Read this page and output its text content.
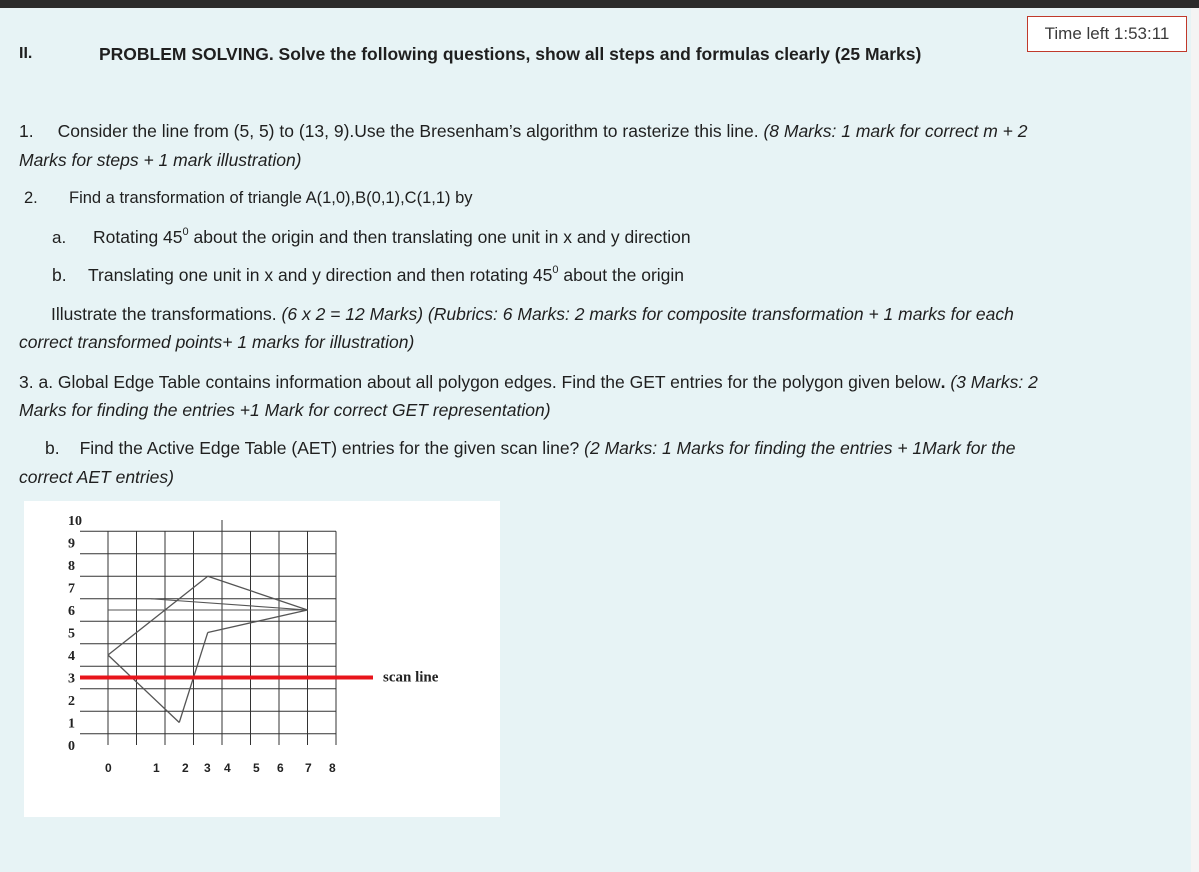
Time left 1:53:11
II.	PROBLEM SOLVING. Solve the following questions, show all steps and formulas clearly (25 Marks)
1. Consider the line from (5, 5) to (13, 9).Use the Bresenham’s algorithm to rasterize this line. (8 Marks: 1 mark for correct m + 2
Marks for steps + 1 mark illustration)
2. Find a transformation of triangle A(1,0),B(0,1),C(1,1) by
a. Rotating $45^0$ about the origin and then translating one unit in x and y direction
b. Translating one unit in x and y direction and then rotating $45^0$ about the origin
Illustrate the transformations. (6 x 2 = 12 Marks) (Rubrics: 6 Marks: 2 marks for composite transformation + 1 marks for each
correct transformed points+ 1 marks for illustration)
3. a. Global Edge Table contains information about all polygon edges. Find the GET entries for the polygon given below. (3 Marks: 2
Marks for finding the entries +1 Mark for correct GET representation)
b. Find the Active Edge Table (AET) entries for the given scan line? (2 Marks: 1 Marks for finding the entries + 1Mark for the
correct AET entries)
scan line
10
9
8
7
6
5
4
3
2
1
0
0	1 2 3 4 5 6 7 8
